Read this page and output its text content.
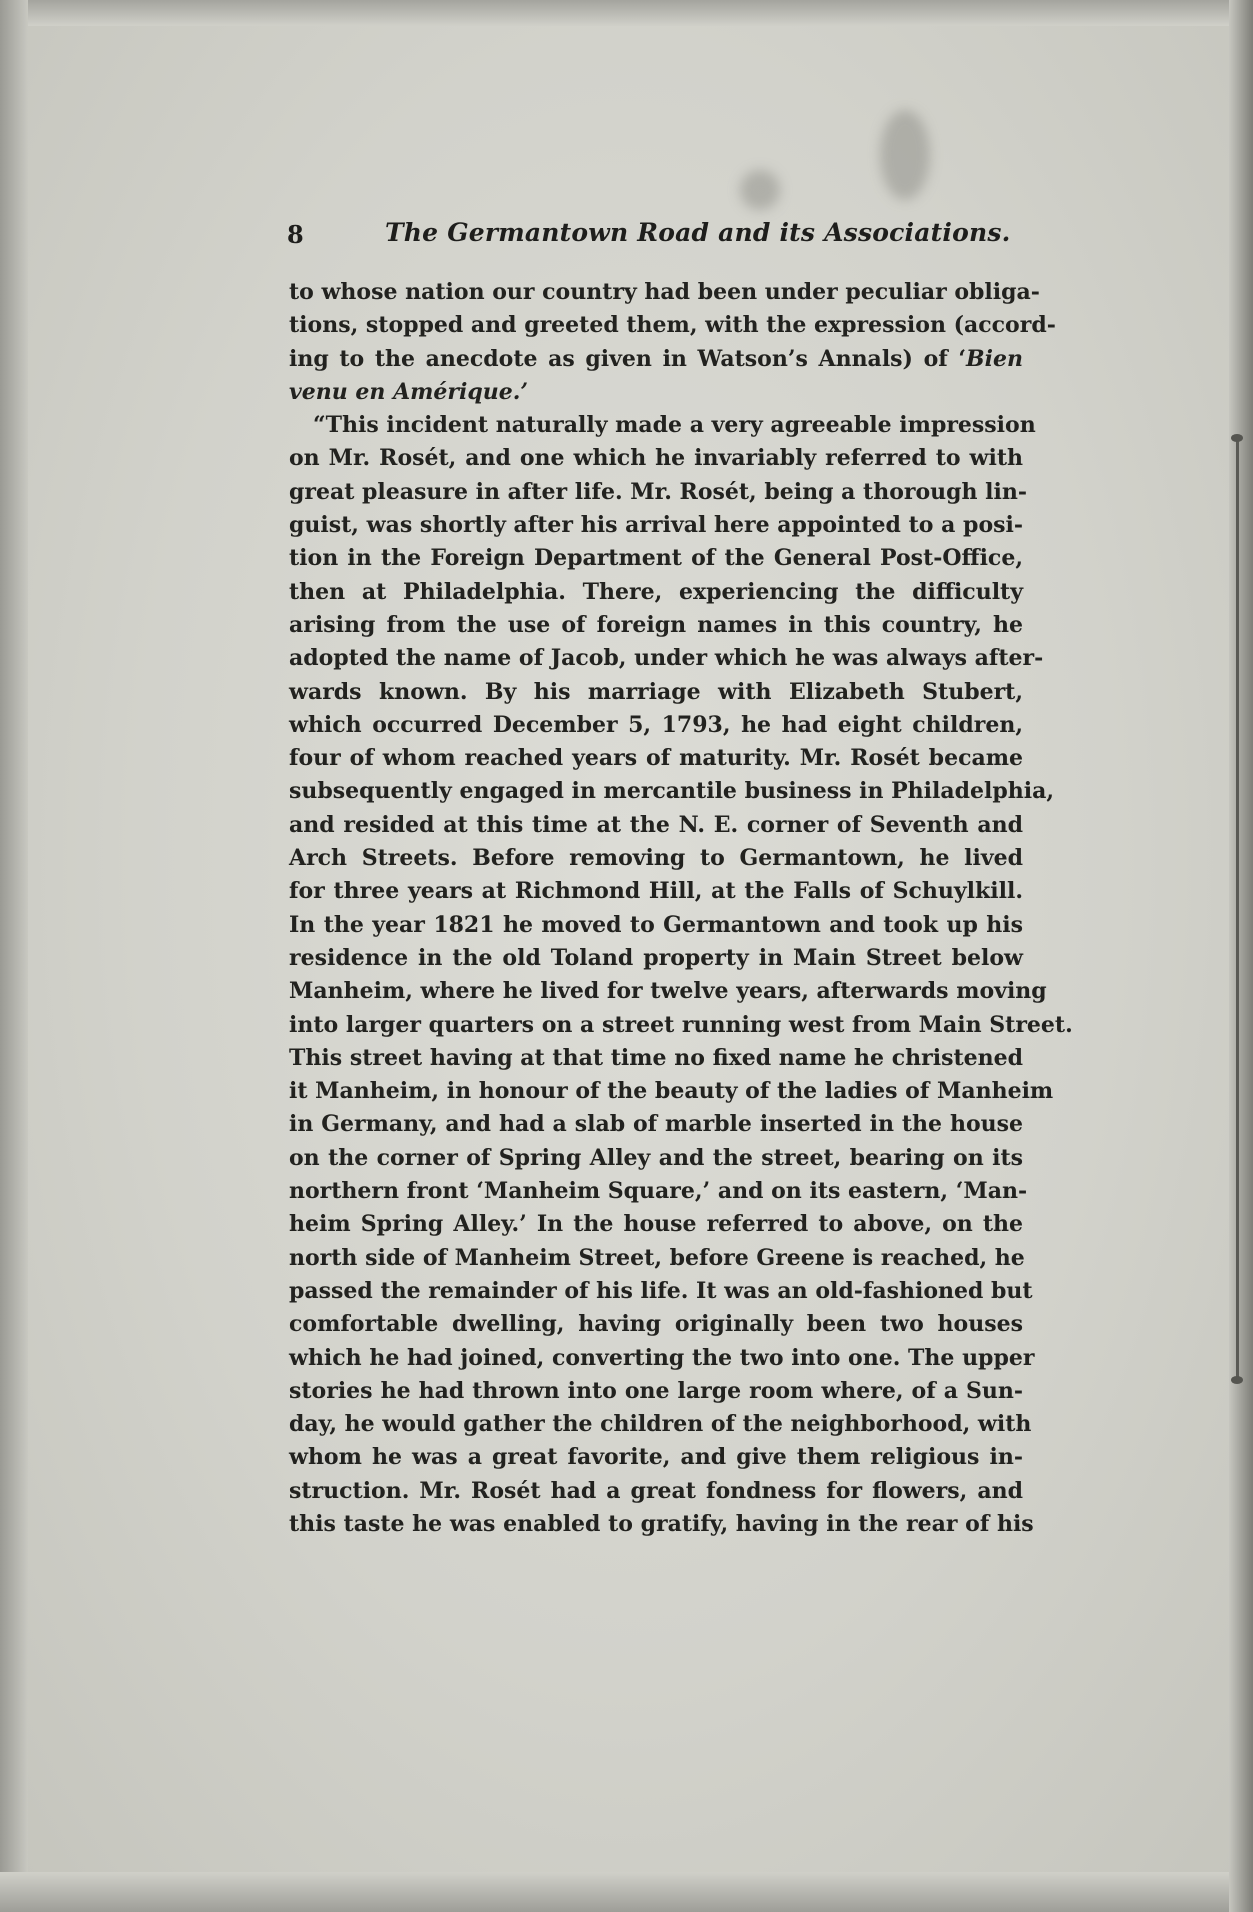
8	The Germantown Road and its Associations.
to whose nation our country had been under peculiar obliga-
tions, stopped and greeted them, with the expression (accord-
ing to the anecdote as given in Watson’s Annals) of ‘Bien
venu en Amérique.’
“This incident naturally made a very agreeable impression
on Mr. Rosét, and one which he invariably referred to with
great pleasure in after life. Mr. Rosét, being a thorough lin-
guist, was shortly after his arrival here appointed to a posi-
tion in the Foreign Department of the General Post-Office,
then at Philadelphia. There, experiencing the difficulty
arising from the use of foreign names in this country, he
adopted the name of Jacob, under which he was always after-
wards known. By his marriage with Elizabeth Stubert,
which occurred December 5, 1793, he had eight children,
four of whom reached years of maturity. Mr. Rosét became
subsequently engaged in mercantile business in Philadelphia,
and resided at this time at the N. E. corner of Seventh and
Arch Streets. Before removing to Germantown, he lived
for three years at Richmond Hill, at the Falls of Schuylkill.
In the year 1821 he moved to Germantown and took up his
residence in the old Toland property in Main Street below
Manheim, where he lived for twelve years, afterwards moving
into larger quarters on a street running west from Main Street.
This street having at that time no fixed name he christened
it Manheim, in honour of the beauty of the ladies of Manheim
in Germany, and had a slab of marble inserted in the house
on the corner of Spring Alley and the street, bearing on its
northern front ‘Manheim Square,’ and on its eastern, ‘Man-
heim Spring Alley.’ In the house referred to above, on the
north side of Manheim Street, before Greene is reached, he
passed the remainder of his life. It was an old-fashioned but
comfortable dwelling, having originally been two houses
which he had joined, converting the two into one. The upper
stories he had thrown into one large room where, of a Sun-
day, he would gather the children of the neighborhood, with
whom he was a great favorite, and give them religious in-
struction. Mr. Rosét had a great fondness for flowers, and
this taste he was enabled to gratify, having in the rear of his
